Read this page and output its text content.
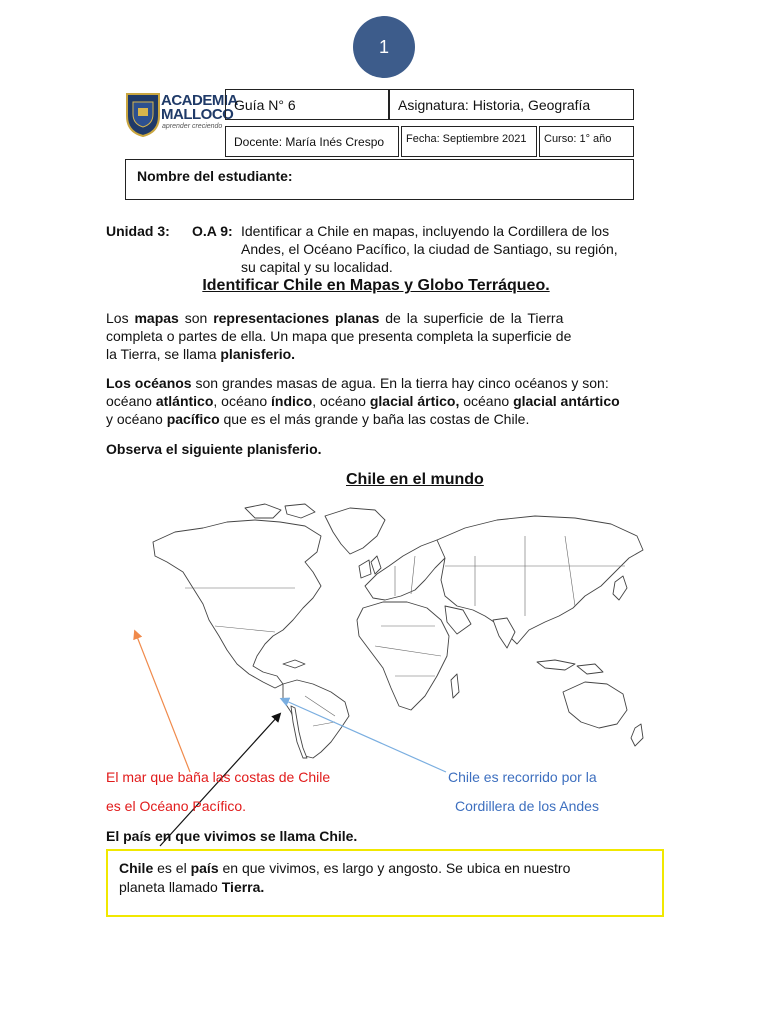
1
ACADEMIA
MALLOCO
aprender creciendo
Guía N° 6	Asignatura: Historia, Geografía
Docente: María Inés Crespo	Fecha: Septiembre 2021	Curso: 1° año
Nombre del estudiante:
Unidad 3: O.A 9: Identificar a Chile en mapas, incluyendo la Cordillera de los
Andes, el Océano Pacífico, la ciudad de Santiago, su región,
su capital y su localidad.
Identificar Chile en Mapas y Globo Terráqueo.
Los mapas son representaciones planas de la superficie de la Tierra
completa o partes de ella. Un mapa que presenta completa la superficie de
la Tierra, se llama planisferio.
Los océanos son grandes masas de agua. En la tierra hay cinco océanos y son:
océano atlántico, océano índico, océano glacial ártico, océano glacial antártico
y océano pacífico que es el más grande y baña las costas de Chile.
Observa el siguiente planisferio.
Chile en el mundo
El mar que baña las costas de Chile
es el Océano Pacífico.
Chile es recorrido por la
Cordillera de los Andes
El país en que vivimos se llama Chile.
Chile es el país en que vivimos, es largo y angosto. Se ubica en nuestro
planeta llamado Tierra.
